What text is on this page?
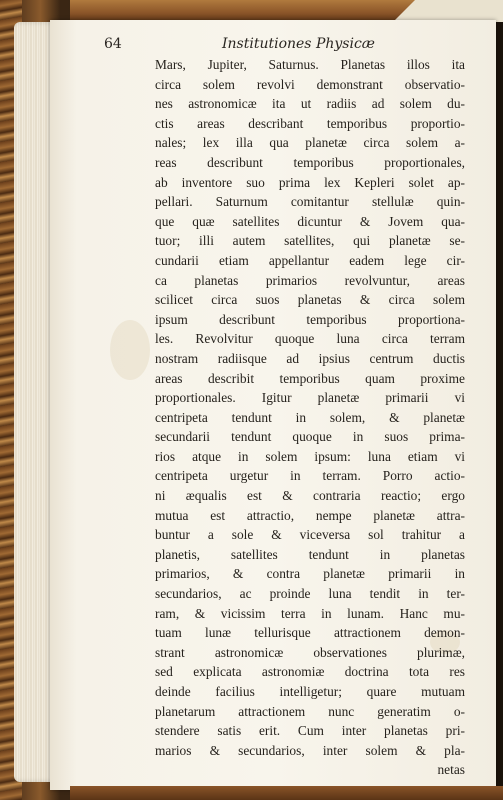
64	Institutiones Physicæ
Mars, Jupiter, Saturnus. Planetas illos ita
circa solem revolvi demonstrant observatio-
nes astronomicæ ita ut radiis ad solem du-
ctis areas describant temporibus proportio-
nales; lex illa qua planetæ circa solem a-
reas describunt temporibus proportionales,
ab inventore suo prima lex Kepleri solet ap-
pellari. Saturnum comitantur stellulæ quin-
que quæ satellites dicuntur & Jovem qua-
tuor; illi autem satellites, qui planetæ se-
cundarii etiam appellantur eadem lege cir-
ca planetas primarios revolvuntur, areas
scilicet circa suos planetas & circa solem
ipsum describunt temporibus proportiona-
les. Revolvitur quoque luna circa terram
nostram radiisque ad ipsius centrum ductis
areas describit temporibus quam proxime
proportionales. Igitur planetæ primarii vi
centripeta tendunt in solem, & planetæ
secundarii tendunt quoque in suos prima-
rios atque in solem ipsum: luna etiam vi
centripeta urgetur in terram. Porro actio-
ni æqualis est & contraria reactio; ergo
mutua est attractio, nempe planetæ attra-
buntur a sole & viceversa sol trahitur a
planetis, satellites tendunt in planetas
primarios, & contra planetæ primarii in
secundarios, ac proinde luna tendit in ter-
ram, & vicissim terra in lunam. Hanc mu-
tuam lunæ tellurisque attractionem demon-
strant astronomicæ observationes plurimæ,
sed explicata astronomiæ doctrina tota res
deinde facilius intelligetur; quare mutuam
planetarum attractionem nunc generatim o-
stendere satis erit. Cum inter planetas pri-
marios & secundarios, inter solem & pla-
netas
